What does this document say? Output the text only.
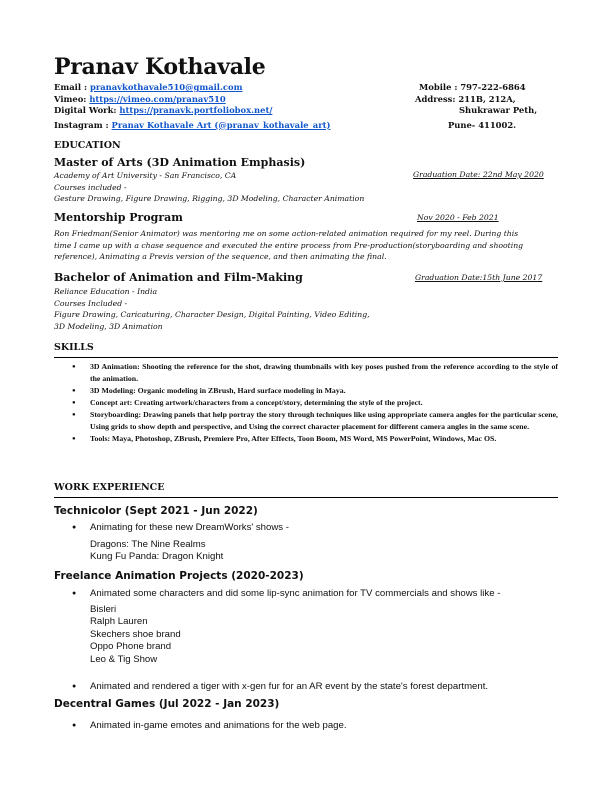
Pranav Kothavale
Email : pranavkothavale510@gmail.com
Vimeo: https://vimeo.com/pranav510
Digital Work: https://pranavk.portfoliobox.net/
Instagram : Pranav Kothavale Art (@pranav_kothavale_art)
Mobile : 797-222-6864
Address: 211B, 212A,
Shukrawar Peth,
Pune- 411002.
EDUCATION
Master of Arts (3D Animation Emphasis)
Academy of Art University - San Francisco, CA
Courses included -
Gesture Drawing, Figure Drawing, Rigging, 3D Modeling, Character Animation
Graduation Date: 22nd May 2020
Mentorship Program	Nov 2020 - Feb 2021
Ron Friedman(Senior Animator) was mentoring me on some action-related animation required for my reel. During this
time I came up with a chase sequence and executed the entire process from Pre-production(storyboarding and shooting
reference), Animating a Previs version of the sequence, and then animating the final.
Bachelor of Animation and Film-Making	Graduation Date:15th June 2017
Reliance Education - India
Courses Included -
Figure Drawing, Caricaturing, Character Design, Digital Painting, Video Editing,
3D Modeling, 3D Animation
SKILLS
● 3D Animation: Shooting the reference for the shot, drawing thumbnails with key poses pushed from the reference according to the style of the animation.
● 3D Modeling: Organic modeling in ZBrush, Hard surface modeling in Maya.
● Concept art: Creating artwork/characters from a concept/story, determining the style of the project.
● Storyboarding: Drawing panels that help portray the story through techniques like using appropriate camera angles for the particular scene, Using grids to show depth and perspective, and Using the correct character placement for different camera angles in the same scene.
● Tools: Maya, Photoshop, ZBrush, Premiere Pro, After Effects, Toon Boom, MS Word, MS PowerPoint, Windows, Mac OS.
WORK EXPERIENCE
Technicolor (Sept 2021 - Jun 2022)
●	Animating for these new DreamWorks' shows -
Dragons: The Nine Realms
Kung Fu Panda: Dragon Knight
Freelance Animation Projects (2020-2023)
●	Animated some characters and did some lip-sync animation for TV commercials and shows like -
Bisleri
Ralph Lauren
Skechers shoe brand
Oppo Phone brand
Leo & Tig Show
●	Animated and rendered a tiger with x-gen fur for an AR event by the state's forest department.
Decentral Games (Jul 2022 - Jan 2023)
●	Animated in-game emotes and animations for the web page.
